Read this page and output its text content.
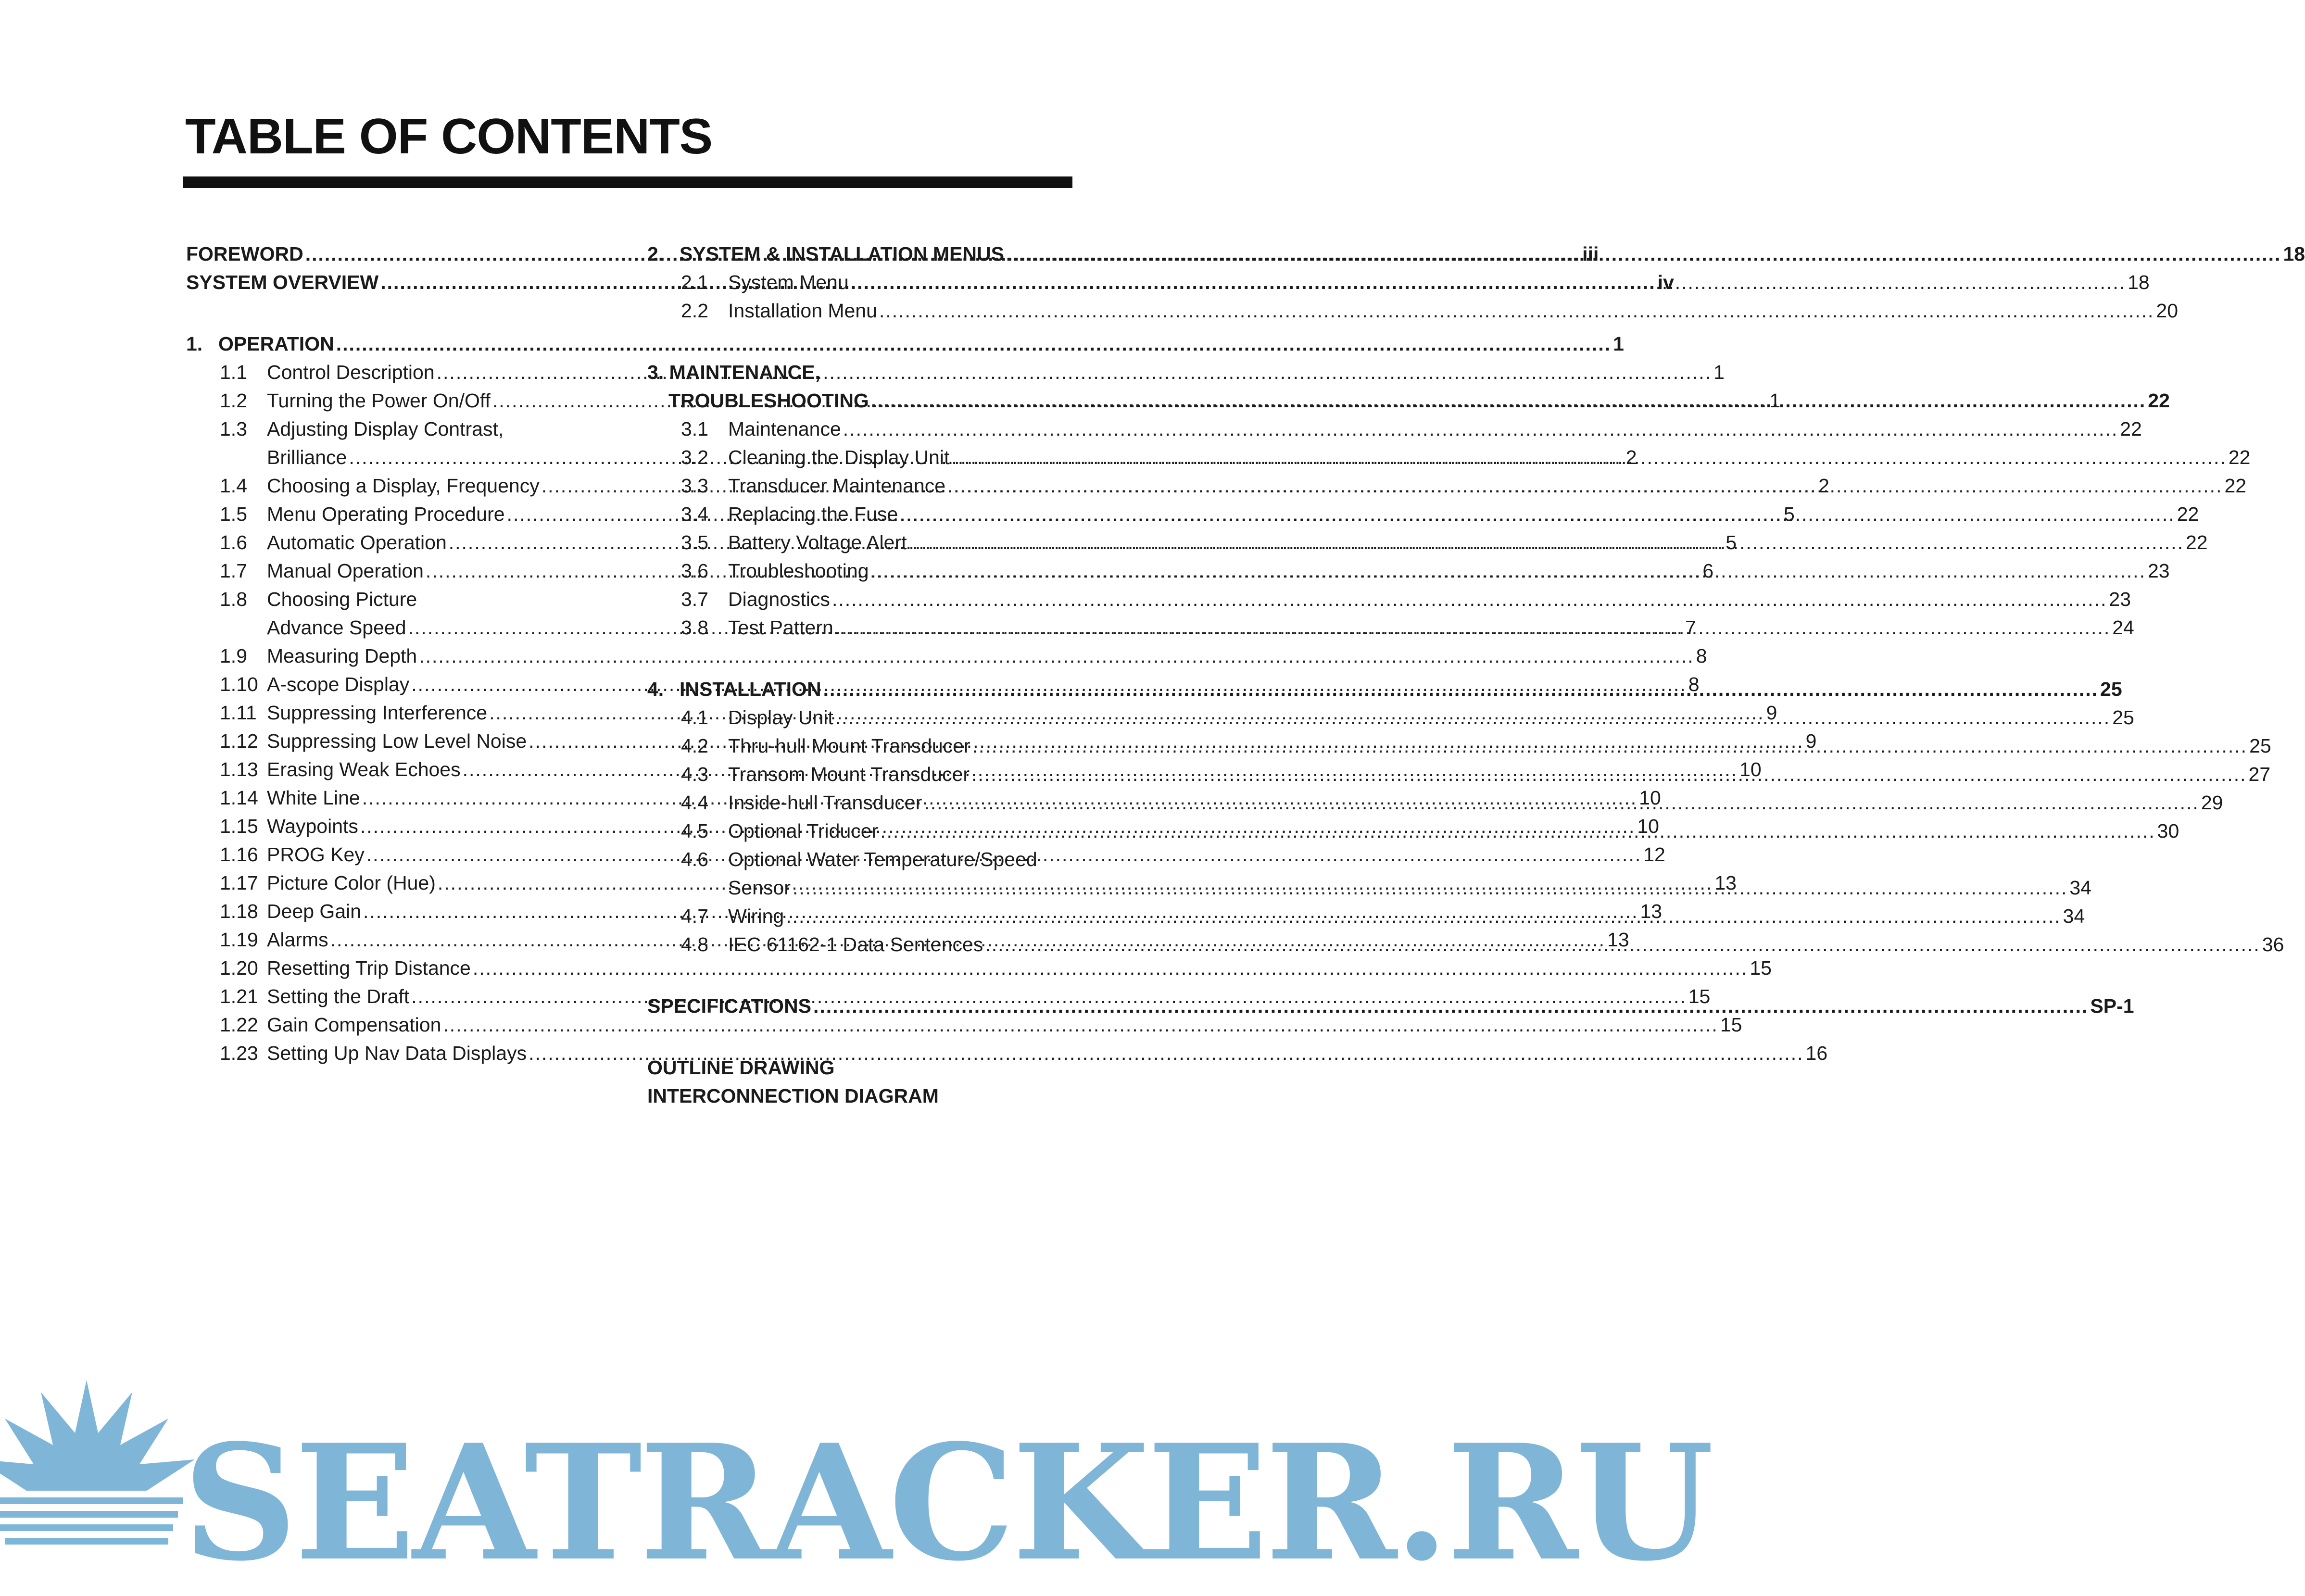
TABLE OF CONTENTS
FOREWORD .....	iii
SYSTEM OVERVIEW .....	iv
1. OPERATION .....	1
1.1 Control Description .....	1
1.2 Turning the Power On/Off .....	1
1.3 Adjusting Display Contrast,
Brilliance .....	2
1.4 Choosing a Display, Frequency .....	2
1.5 Menu Operating Procedure .....	5
1.6 Automatic Operation .....	5
1.7 Manual Operation .....	6
1.8 Choosing Picture
Advance Speed .....	7
1.9 Measuring Depth .....	8
1.10 A-scope Display .....	8
1.11 Suppressing Interference .....	9
1.12 Suppressing Low Level Noise .....	9
1.13 Erasing Weak Echoes .....	10
1.14 White Line .....	10
1.15 Waypoints .....	10
1.16 PROG Key .....	12
1.17 Picture Color (Hue) .....	13
1.18 Deep Gain .....	13
1.19 Alarms .....	13
1.20 Resetting Trip Distance .....	15
1.21 Setting the Draft .....	15
1.22 Gain Compensation .....	15
1.23 Setting Up Nav Data Displays .....	16
2. SYSTEM & INSTALLATION MENUS .....	18
2.1 System Menu .....	18
2.2 Installation Menu .....	20
3. MAINTENANCE,
TROUBLESHOOTING .....	22
3.1 Maintenance .....	22
3.2 Cleaning the Display Unit .....	22
3.3 Transducer Maintenance .....	22
3.4 Replacing the Fuse .....	22
3.5 Battery Voltage Alert .....	22
3.6 Troubleshooting .....	23
3.7 Diagnostics .....	23
3.8 Test Pattern .....	24
4. INSTALLATION .....	25
4.1 Display Unit .....	25
4.2 Thru-hull Mount Transducer .....	25
4.3 Transom Mount Transducer .....	27
4.4 Inside-hull Transducer .....	29
4.5 Optional Triducer .....	30
4.6 Optional Water Temperature/Speed
Sensor .....	34
4.7 Wiring .....	34
4.8 IEC 61162-1 Data Sentences .....	36
SPECIFICATIONS .....	SP-1
OUTLINE DRAWING
INTERCONNECTION DIAGRAM
SEATRACKER.RU
